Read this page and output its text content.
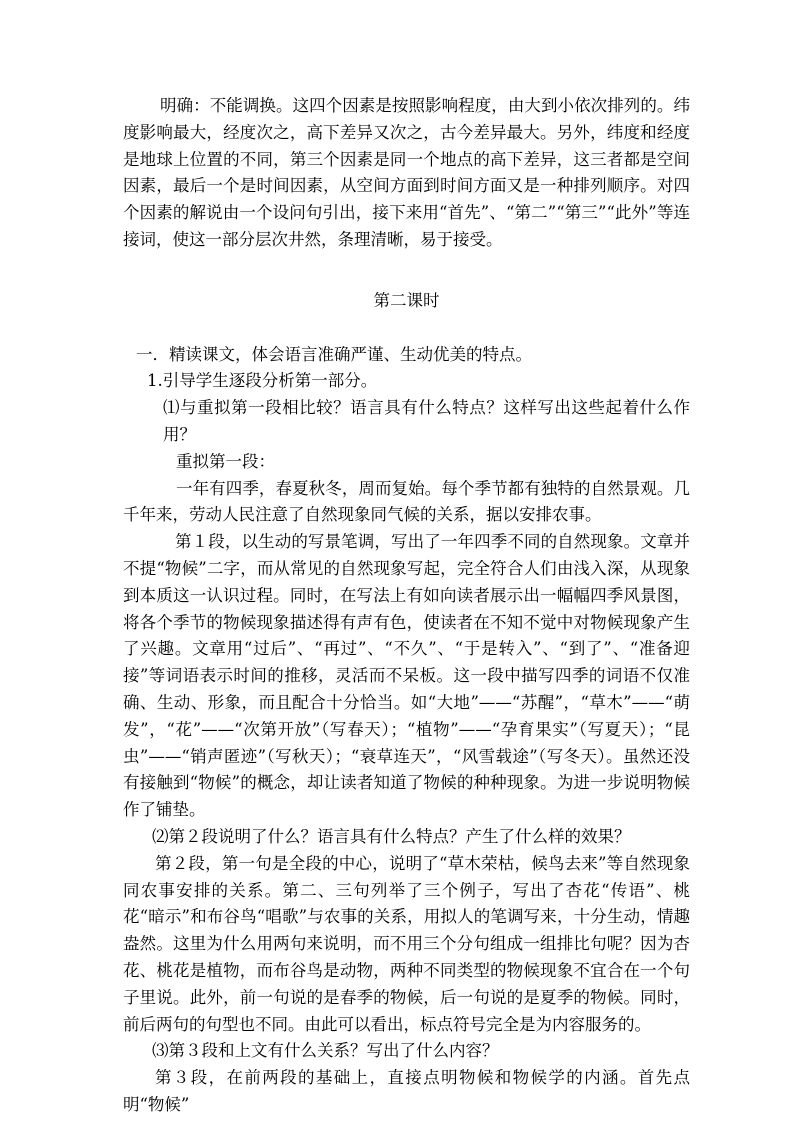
明确：不能调换。这四个因素是按照影响程度，由大到小依次排列的。纬度影响最大，经度次之，高下差异又次之，古今差异最大。另外，纬度和经度是地球上位置的不同，第三个因素是同一个地点的高下差异，这三者都是空间因素，最后一个是时间因素，从空间方面到时间方面又是一种排列顺序。对四个因素的解说由一个设问句引出，接下来用“首先”、“第二”“第三”“此外”等连接词，使这一部分层次井然，条理清晰，易于接受。

第二课时

一．精读课文，体会语言准确严谨、生动优美的特点。

1.引导学生逐段分析第一部分。

⑴与重拟第一段相比较？语言具有什么特点？这样写出这些起着什么作用？

重拟第一段：

一年有四季，春夏秋冬，周而复始。每个季节都有独特的自然景观。几千年来，劳动人民注意了自然现象同气候的关系，据以安排农事。

第１段，以生动的写景笔调，写出了一年四季不同的自然现象。文章并不提“物候”二字，而从常见的自然现象写起，完全符合人们由浅入深，从现象到本质这一认识过程。同时，在写法上有如向读者展示出一幅幅四季风景图，将各个季节的物候现象描述得有声有色，使读者在不知不觉中对物候现象产生了兴趣。文章用“过后”、“再过”、“不久”、“于是转入”、“到了”、“准备迎接”等词语表示时间的推移，灵活而不呆板。这一段中描写四季的词语不仅准确、生动、形象，而且配合十分恰当。如“大地”——“苏醒”，“草木”——“萌发”，“花”——“次第开放”（写春天）；“植物”——“孕育果实”（写夏天）；“昆虫”——“销声匿迹”（写秋天）；“衰草连天”，“风雪载途”（写冬天）。虽然还没有接触到“物候”的概念，却让读者知道了物候的种种现象。为进一步说明物候作了铺垫。

⑵第２段说明了什么？语言具有什么特点？产生了什么样的效果？

第２段，第一句是全段的中心，说明了“草木荣枯，候鸟去来”等自然现象同农事安排的关系。第二、三句列举了三个例子，写出了杏花“传语”、桃花“暗示”和布谷鸟“唱歌”与农事的关系，用拟人的笔调写来，十分生动，情趣盎然。这里为什么用两句来说明，而不用三个分句组成一组排比句呢？因为杏花、桃花是植物，而布谷鸟是动物，两种不同类型的物候现象不宜合在一个句子里说。此外，前一句说的是春季的物候，后一句说的是夏季的物候。同时，前后两句的句型也不同。由此可以看出，标点符号完全是为内容服务的。

⑶第３段和上文有什么关系？写出了什么内容？

第３段，在前两段的基础上，直接点明物候和物候学的内涵。首先点明“物候”
